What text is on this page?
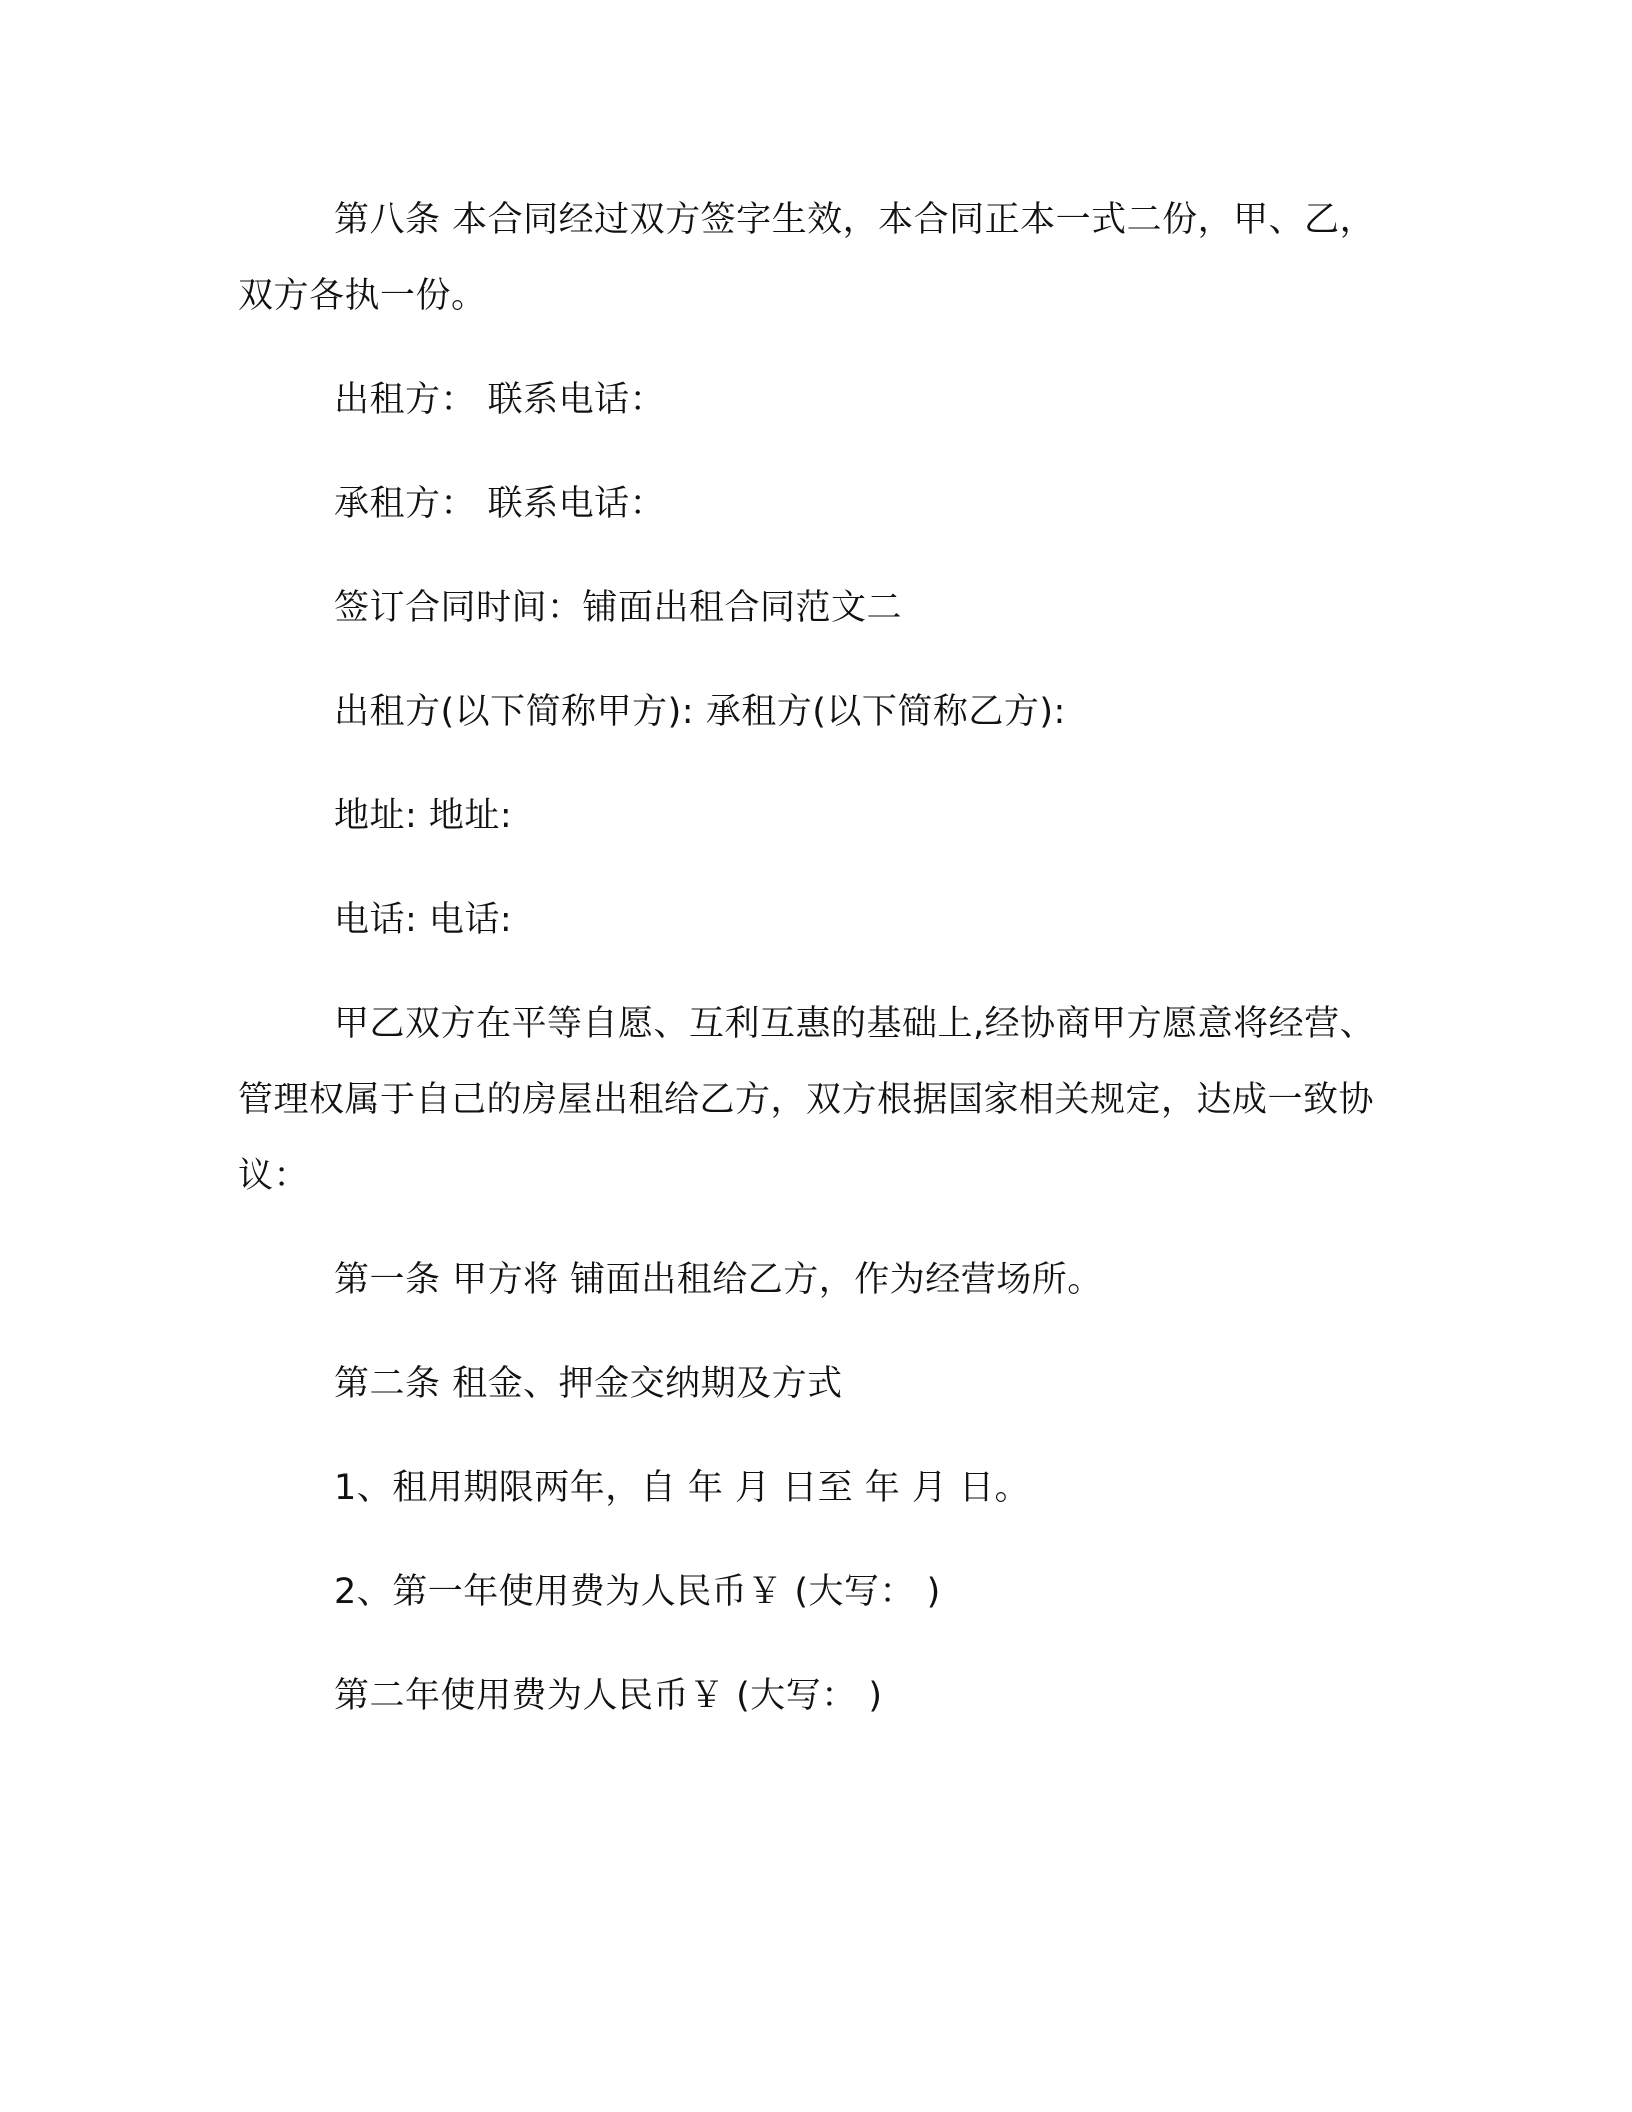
第八条 本合同经过双方签字生效，本合同正本一式二份，甲、乙，双方各执一份。

出租方： 联系电话：

承租方： 联系电话：

签订合同时间：铺面出租合同范文二

出租方(以下简称甲方): 承租方(以下简称乙方):

地址: 地址:

电话: 电话:

甲乙双方在平等自愿、互利互惠的基础上,经协商甲方愿意将经营、管理权属于自己的房屋出租给乙方，双方根据国家相关规定，达成一致协议：

第一条 甲方将 铺面出租给乙方，作为经营场所。

第二条 租金、押金交纳期及方式

1、租用期限两年，自 年 月 日至 年 月 日。

2、第一年使用费为人民币￥ (大写： )

第二年使用费为人民币￥ (大写： )
